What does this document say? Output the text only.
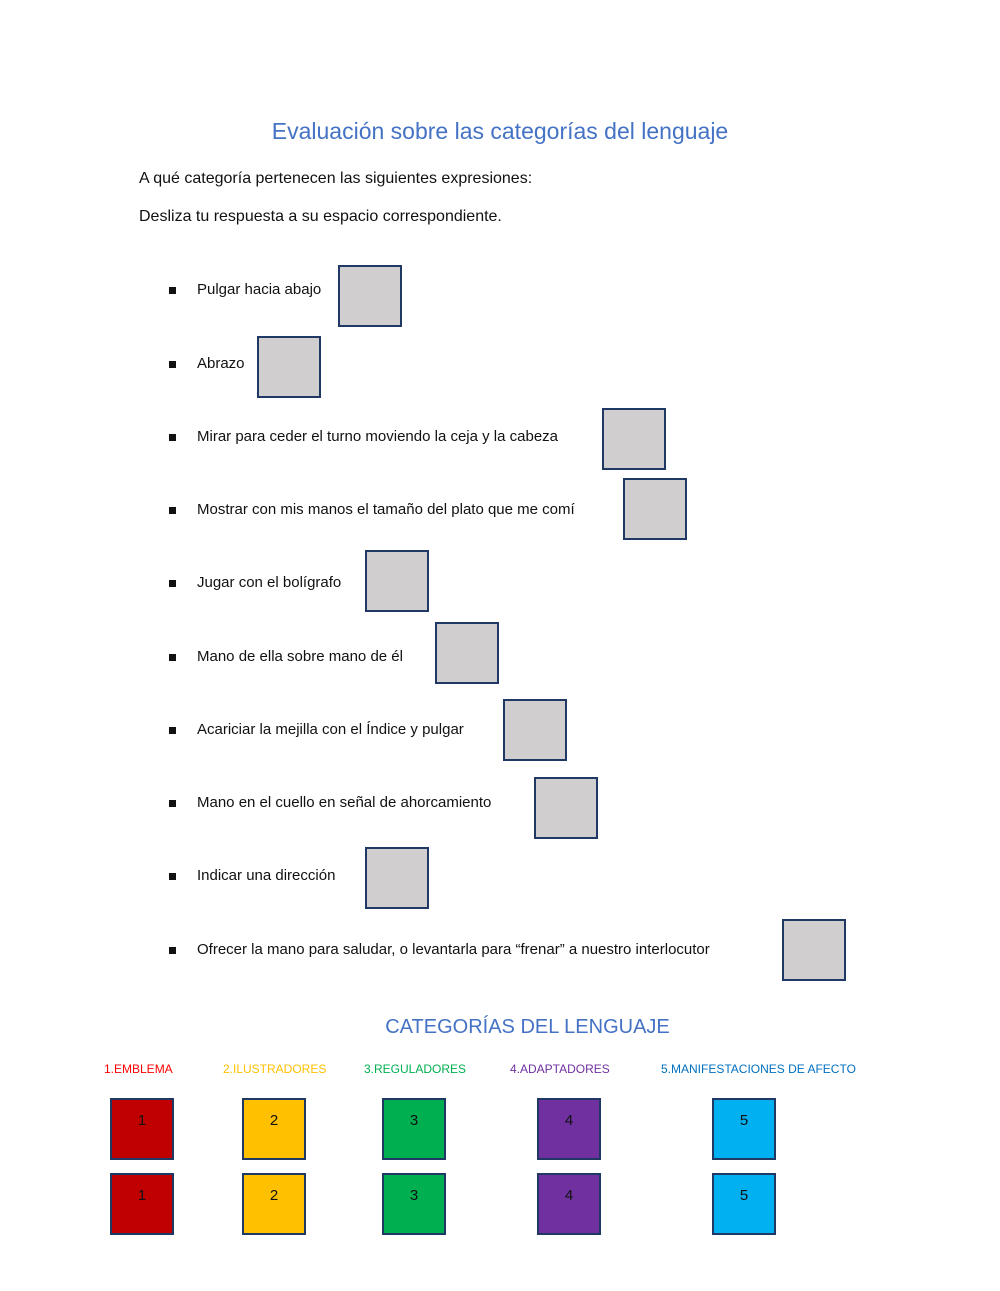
Evaluación sobre las categorías del lenguaje
A qué categoría pertenecen las siguientes expresiones:
Desliza tu respuesta a su espacio correspondiente.
Pulgar hacia abajo
Abrazo
Mirar para ceder el turno moviendo la ceja y la cabeza
Mostrar con mis manos el tamaño del plato que me comí
Jugar con el bolígrafo
Mano de ella sobre mano de él
Acariciar la mejilla con el Índice y pulgar
Mano en el cuello en señal de ahorcamiento
Indicar una dirección
Ofrecer la mano para saludar, o levantarla para “frenar” a nuestro interlocutor
CATEGORÍAS DEL LENGUAJE
1.EMBLEMA
1
1
2.ILUSTRADORES
2
2
3.REGULADORES
3
3
4.ADAPTADORES
4
4
5.MANIFESTACIONES DE AFECTO
5
5
